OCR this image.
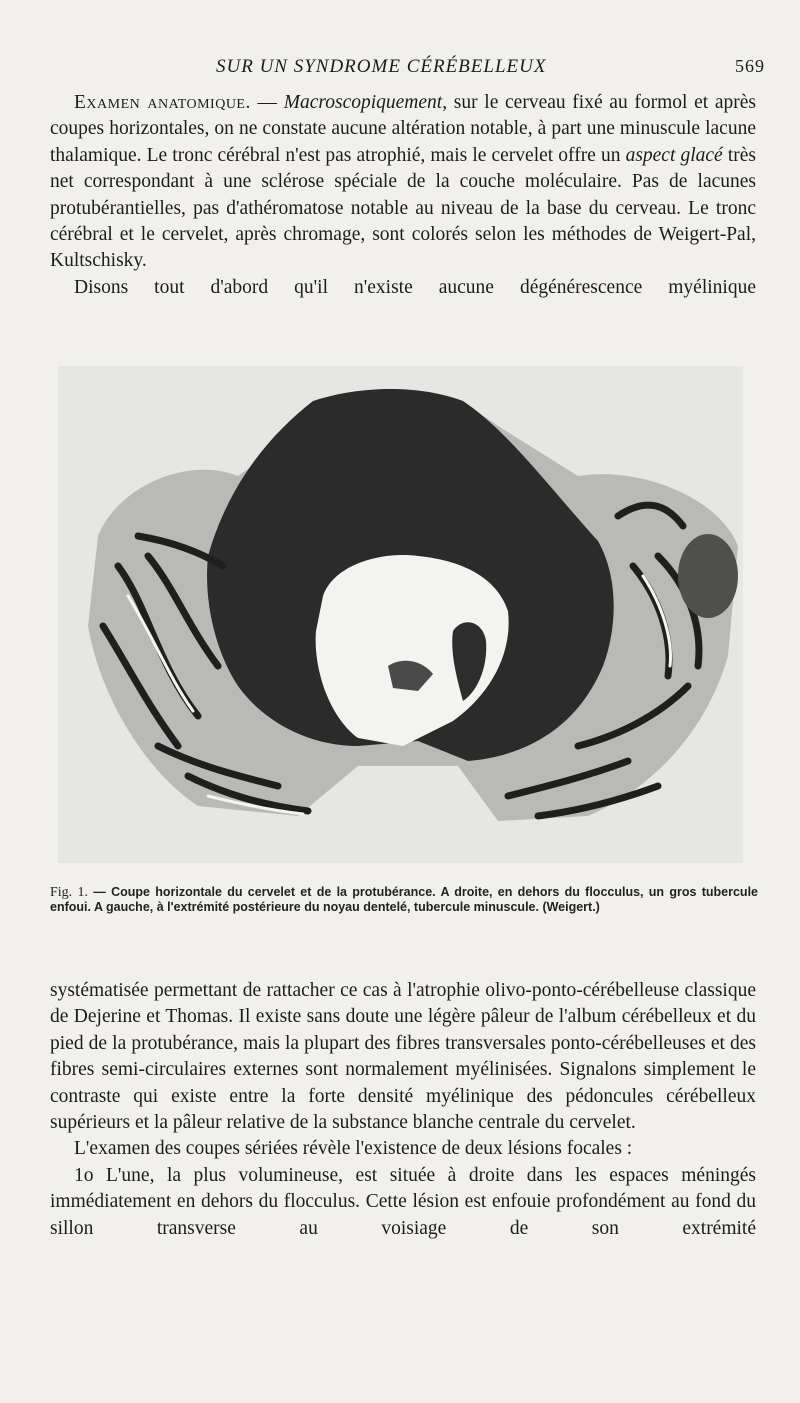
SUR UN SYNDROME CÉRÉBELLEUX	569

Examen anatomique. — Macroscopiquement, sur le cerveau fixé au formol et après coupes horizontales, on ne constate aucune altération notable, à part une minuscule lacune thalamique. Le tronc cérébral n'est pas atrophié, mais le cervelet offre un aspect glacé très net correspondant à une sclérose spéciale de la couche moléculaire. Pas de lacunes protubérantielles, pas d'athéromatose notable au niveau de la base du cerveau. Le tronc cérébral et le cervelet, après chromage, sont colorés selon les méthodes de Weigert-Pal, Kultschisky.

Disons tout d'abord qu'il n'existe aucune dégénérescence myélinique

Fig. 1. — Coupe horizontale du cervelet et de la protubérance. A droite, en dehors du flocculus, un gros tubercule enfoui. A gauche, à l'extrémité postérieure du noyau dentelé, tubercule minuscule. (Weigert.)

systématisée permettant de rattacher ce cas à l'atrophie olivo-ponto-cérébelleuse classique de Dejerine et Thomas. Il existe sans doute une légère pâleur de l'album cérébelleux et du pied de la protubérance, mais la plupart des fibres transversales ponto-cérébelleuses et des fibres semi-circulaires externes sont normalement myélinisées. Signalons simplement le contraste qui existe entre la forte densité myélinique des pédoncules cérébelleux supérieurs et la pâleur relative de la substance blanche centrale du cervelet.

L'examen des coupes sériées révèle l'existence de deux lésions focales :

1o L'une, la plus volumineuse, est située à droite dans les espaces méningés immédiatement en dehors du flocculus. Cette lésion est enfouie profondément au fond du sillon transverse au voisiage de son extrémité
